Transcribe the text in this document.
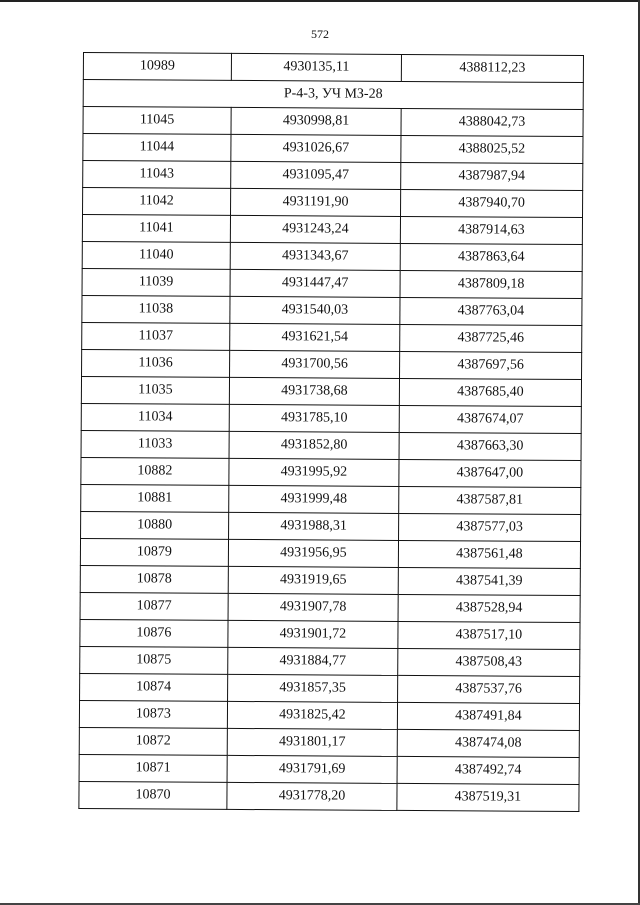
572
10989	4930135,11	4388112,23
Р-4-3, УЧ МЗ-28		
11045	4930998,81	4388042,73
11044	4931026,67	4388025,52
11043	4931095,47	4387987,94
11042	4931191,90	4387940,70
11041	4931243,24	4387914,63
11040	4931343,67	4387863,64
11039	4931447,47	4387809,18
11038	4931540,03	4387763,04
11037	4931621,54	4387725,46
11036	4931700,56	4387697,56
11035	4931738,68	4387685,40
11034	4931785,10	4387674,07
11033	4931852,80	4387663,30
10882	4931995,92	4387647,00
10881	4931999,48	4387587,81
10880	4931988,31	4387577,03
10879	4931956,95	4387561,48
10878	4931919,65	4387541,39
10877	4931907,78	4387528,94
10876	4931901,72	4387517,10
10875	4931884,77	4387508,43
10874	4931857,35	4387537,76
10873	4931825,42	4387491,84
10872	4931801,17	4387474,08
10871	4931791,69	4387492,74
10870	4931778,20	4387519,31
